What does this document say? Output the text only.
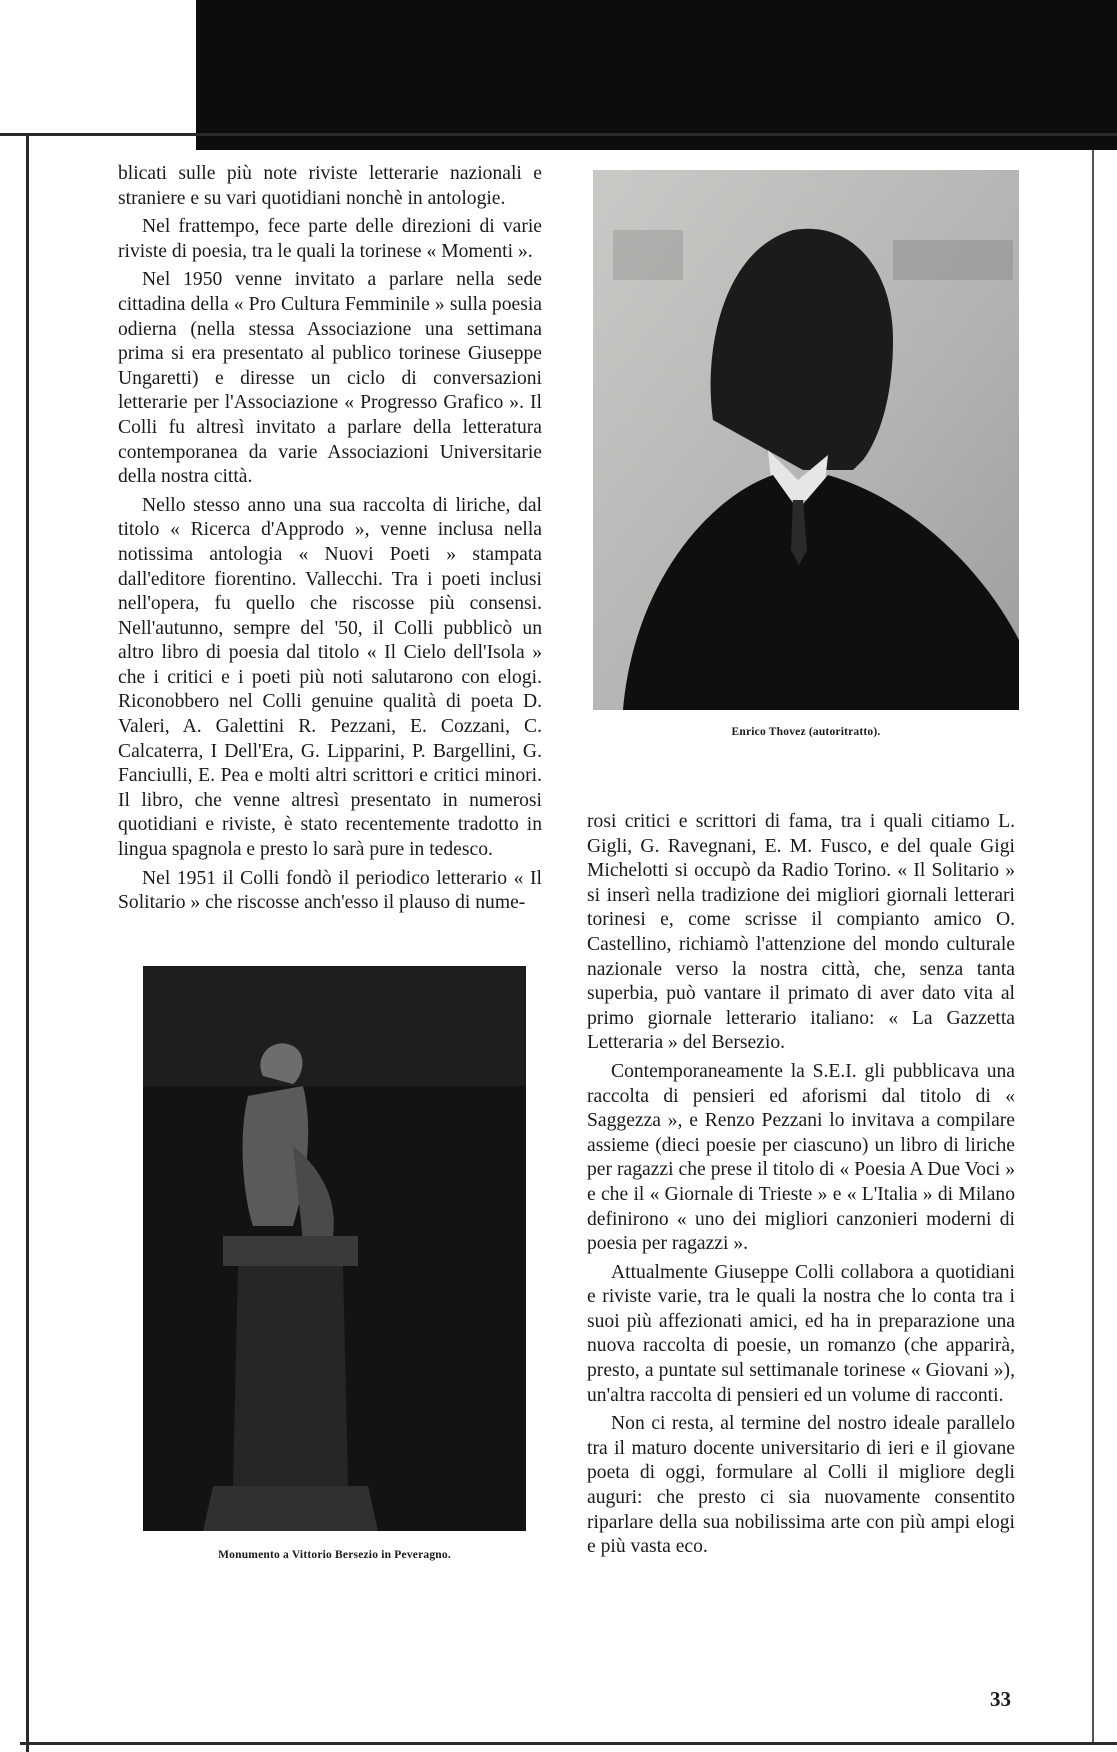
blicati sulle più note riviste letterarie nazionali e straniere e su vari quotidiani nonchè in antologie.

Nel frattempo, fece parte delle direzioni di varie riviste di poesia, tra le quali la torinese « Momenti ».

Nel 1950 venne invitato a parlare nella sede cittadina della « Pro Cultura Femminile » sulla poesia odierna (nella stessa Associazione una settimana prima si era presentato al publico torinese Giuseppe Ungaretti) e diresse un ciclo di conversazioni letterarie per l'Associazione « Progresso Grafico ». Il Colli fu altresì invitato a parlare della letteratura contemporanea da varie Associazioni Universitarie della nostra città.

Nello stesso anno una sua raccolta di liriche, dal titolo « Ricerca d'Approdo », venne inclusa nella notissima antologia « Nuovi Poeti » stampata dall'editore fiorentino. Vallecchi. Tra i poeti inclusi nell'opera, fu quello che riscosse più consensi. Nell'autunno, sempre del '50, il Colli pubblicò un altro libro di poesia dal titolo « Il Cielo dell'Isola » che i critici e i poeti più noti salutarono con elogi. Riconobbero nel Colli genuine qualità di poeta D. Valeri, A. Galettini R. Pezzani, E. Cozzani, C. Calcaterra, I Dell'Era, G. Lipparini, P. Bargellini, G. Fanciulli, E. Pea e molti altri scrittori e critici minori. Il libro, che venne altresì presentato in numerosi quotidiani e riviste, è stato recentemente tradotto in lingua spagnola e presto lo sarà pure in tedesco.

Nel 1951 il Colli fondò il periodico letterario « Il Solitario » che riscosse anch'esso il plauso di nume-

Enrico Thovez (autoritratto).

rosi critici e scrittori di fama, tra i quali citiamo L. Gigli, G. Ravegnani, E. M. Fusco, e del quale Gigi Michelotti si occupò da Radio Torino. « Il Solitario » si inserì nella tradizione dei migliori giornali letterari torinesi e, come scrisse il compianto amico O. Castellino, richiamò l'attenzione del mondo culturale nazionale verso la nostra città, che, senza tanta superbia, può vantare il primato di aver dato vita al primo giornale letterario italiano: « La Gazzetta Letteraria » del Bersezio.

Contemporaneamente la S.E.I. gli pubblicava una raccolta di pensieri ed aforismi dal titolo di « Saggezza », e Renzo Pezzani lo invitava a compilare assieme (dieci poesie per ciascuno) un libro di liriche per ragazzi che prese il titolo di « Poesia A Due Voci » e che il « Giornale di Trieste » e « L'Italia » di Milano definirono « uno dei migliori canzonieri moderni di poesia per ragazzi ».

Attualmente Giuseppe Colli collabora a quotidiani e riviste varie, tra le quali la nostra che lo conta tra i suoi più affezionati amici, ed ha in preparazione una nuova raccolta di poesie, un romanzo (che apparirà, presto, a puntate sul settimanale torinese « Giovani »), un'altra raccolta di pensieri ed un volume di racconti.

Non ci resta, al termine del nostro ideale parallelo tra il maturo docente universitario di ieri e il giovane poeta di oggi, formulare al Colli il migliore degli auguri: che presto ci sia nuovamente consentito riparlare della sua nobilissima arte con più ampi elogi e più vasta eco.

Monumento a Vittorio Bersezio in Peveragno.
33
